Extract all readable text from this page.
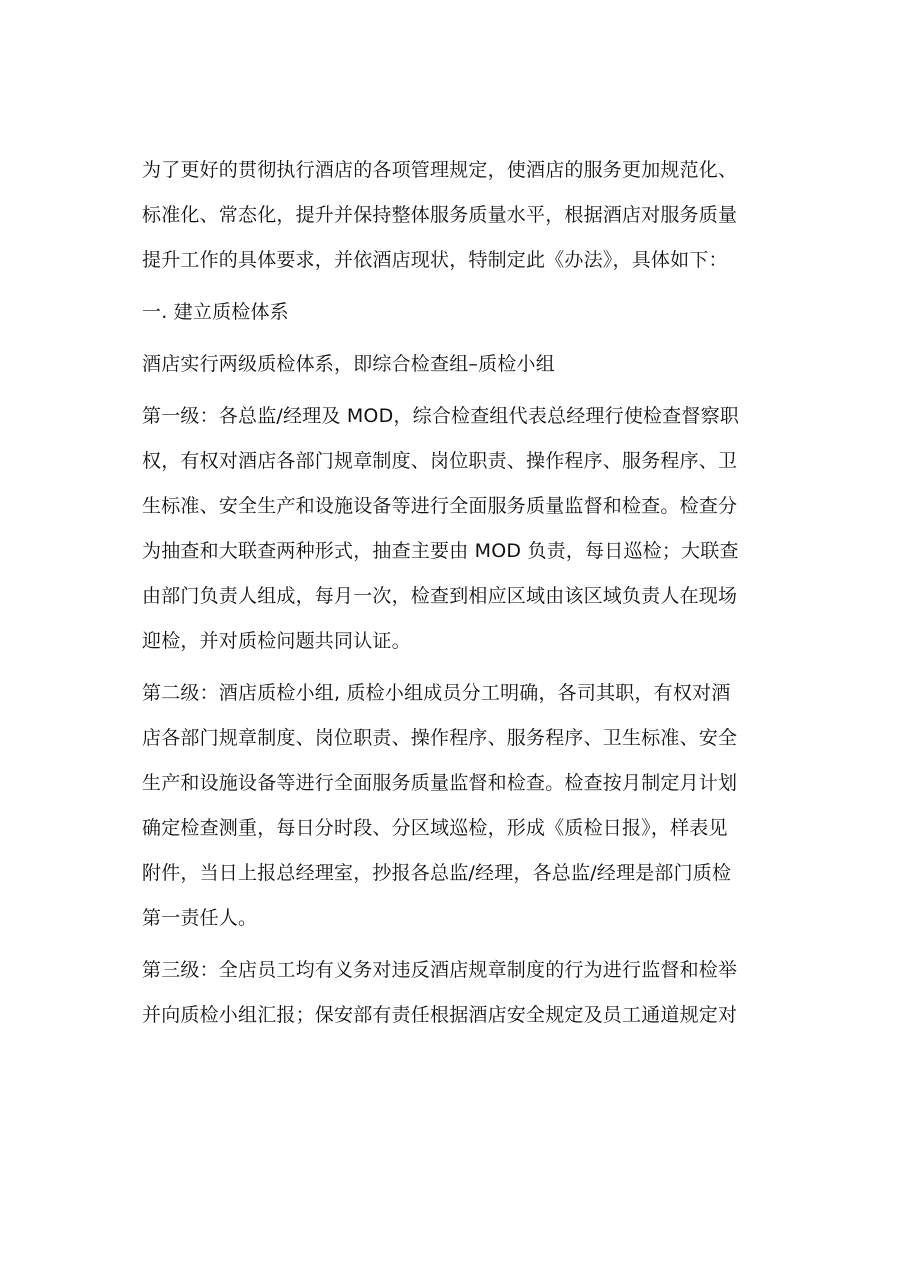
为了更好的贯彻执行酒店的各项管理规定，使酒店的服务更加规范化、
标准化、常态化，提升并保持整体服务质量水平，根据酒店对服务质量
提升工作的具体要求，并依酒店现状，特制定此《办法》，具体如下：
一. 建立质检体系
酒店实行两级质检体系，即综合检查组–质检小组
第一级：各总监/经理及 MOD，综合检查组代表总经理行使检查督察职
权，有权对酒店各部门规章制度、岗位职责、操作程序、服务程序、卫
生标准、安全生产和设施设备等进行全面服务质量监督和检查。检查分
为抽查和大联查两种形式，抽查主要由 MOD 负责，每日巡检；大联查
由部门负责人组成，每月一次，检查到相应区域由该区域负责人在现场
迎检，并对质检问题共同认证。
第二级：酒店质检小组, 质检小组成员分工明确，各司其职，有权对酒
店各部门规章制度、岗位职责、操作程序、服务程序、卫生标准、安全
生产和设施设备等进行全面服务质量监督和检查。检查按月制定月计划
确定检查测重，每日分时段、分区域巡检，形成《质检日报》，样表见
附件，当日上报总经理室，抄报各总监/经理，各总监/经理是部门质检
第一责任人。
第三级：全店员工均有义务对违反酒店规章制度的行为进行监督和检举
并向质检小组汇报；保安部有责任根据酒店安全规定及员工通道规定对
